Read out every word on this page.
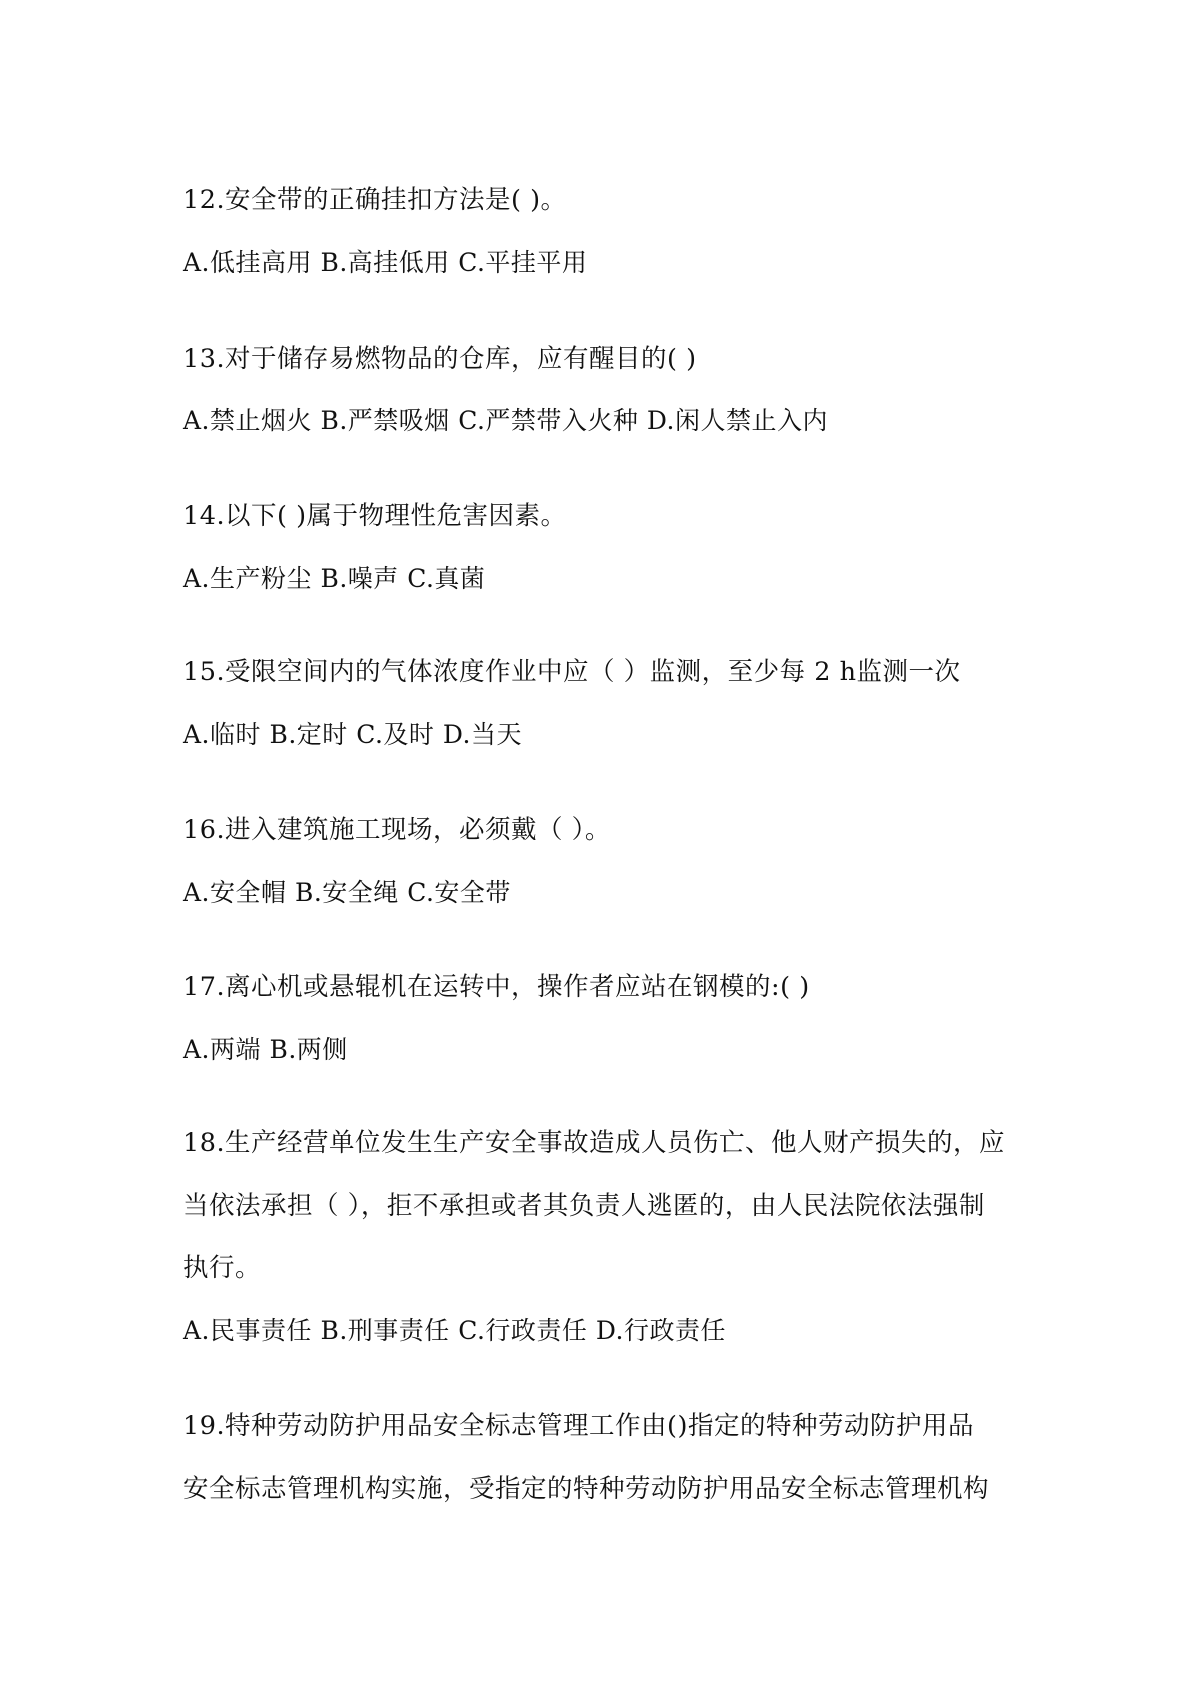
12.安全带的正确挂扣方法是( )。
A.低挂高用 B.高挂低用 C.平挂平用
13.对于储存易燃物品的仓库，应有醒目的( )
A.禁止烟火 B.严禁吸烟 C.严禁带入火种 D.闲人禁止入内
14.以下( )属于物理性危害因素。
A.生产粉尘 B.噪声 C.真菌
15.受限空间内的气体浓度作业中应（ ）监测，至少每 2 h监测一次
A.临时 B.定时 C.及时 D.当天
16.进入建筑施工现场，必须戴（ ）。
A.安全帽 B.安全绳 C.安全带
17.离心机或悬辊机在运转中，操作者应站在钢模的:( )
A.两端 B.两侧
18.生产经营单位发生生产安全事故造成人员伤亡、他人财产损失的，应
当依法承担（ ），拒不承担或者其负责人逃匿的，由人民法院依法强制
执行。
A.民事责任 B.刑事责任 C.行政责任 D.行政责任
19.特种劳动防护用品安全标志管理工作由()指定的特种劳动防护用品
安全标志管理机构实施，受指定的特种劳动防护用品安全标志管理机构
